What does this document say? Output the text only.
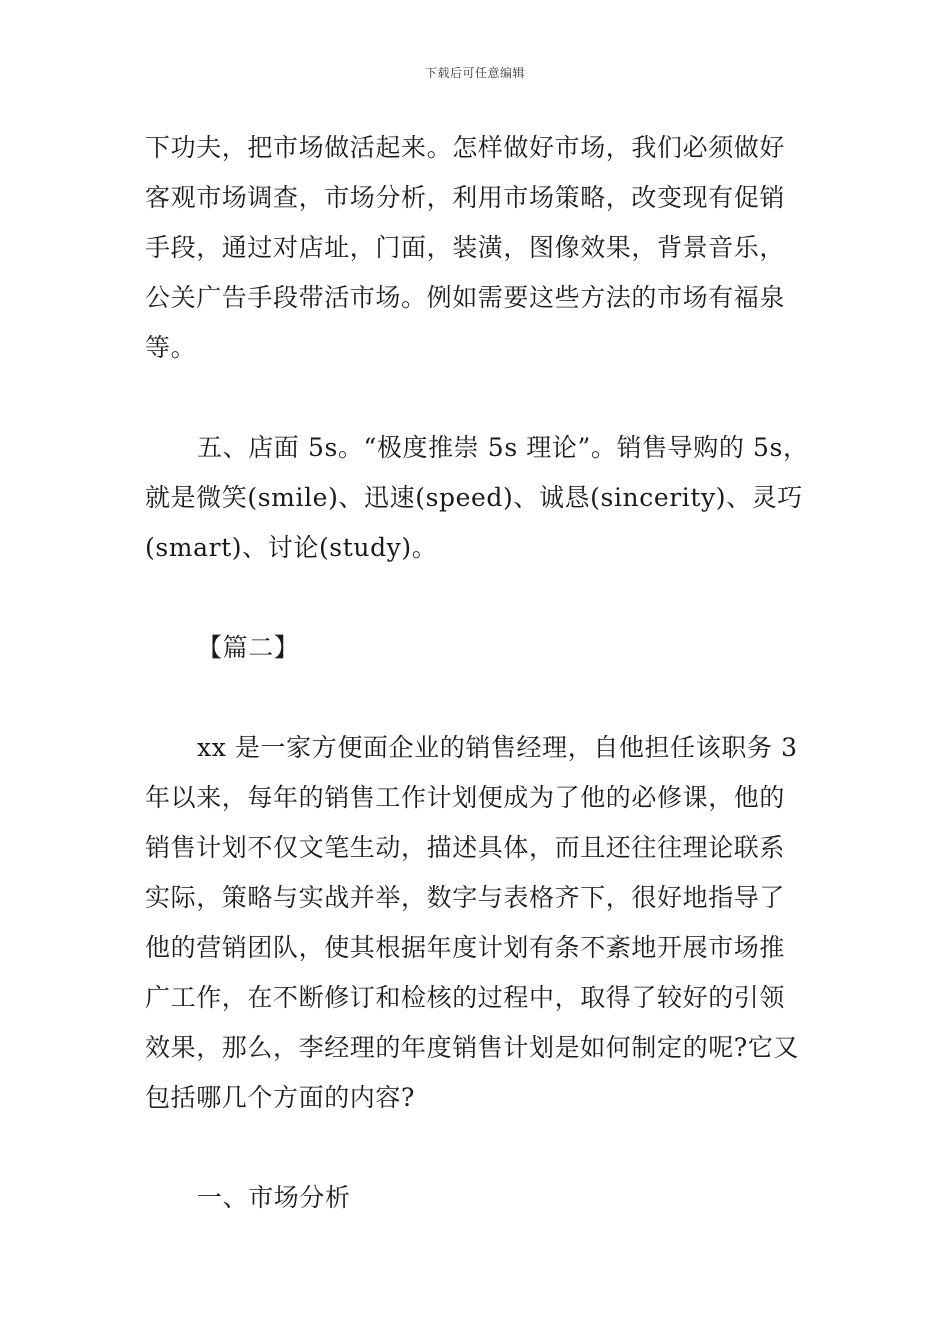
下载后可任意编辑
下功夫，把市场做活起来。怎样做好市场，我们必须做好
客观市场调查，市场分析，利用市场策略，改变现有促销
手段，通过对店址，门面，装潢，图像效果，背景音乐，
公关广告手段带活市场。例如需要这些方法的市场有福泉
等。
五、店面 5s。“极度推崇 5s 理论”。销售导购的 5s，
就是微笑(smile)、迅速(speed)、诚恳(sincerity)、灵巧
(smart)、讨论(study)。
【篇二】
xx 是一家方便面企业的销售经理，自他担任该职务 3
年以来，每年的销售工作计划便成为了他的必修课，他的
销售计划不仅文笔生动，描述具体，而且还往往理论联系
实际，策略与实战并举，数字与表格齐下，很好地指导了
他的营销团队，使其根据年度计划有条不紊地开展市场推
广工作，在不断修订和检核的过程中，取得了较好的引领
效果，那么，李经理的年度销售计划是如何制定的呢?它又
包括哪几个方面的内容?
一、市场分析
